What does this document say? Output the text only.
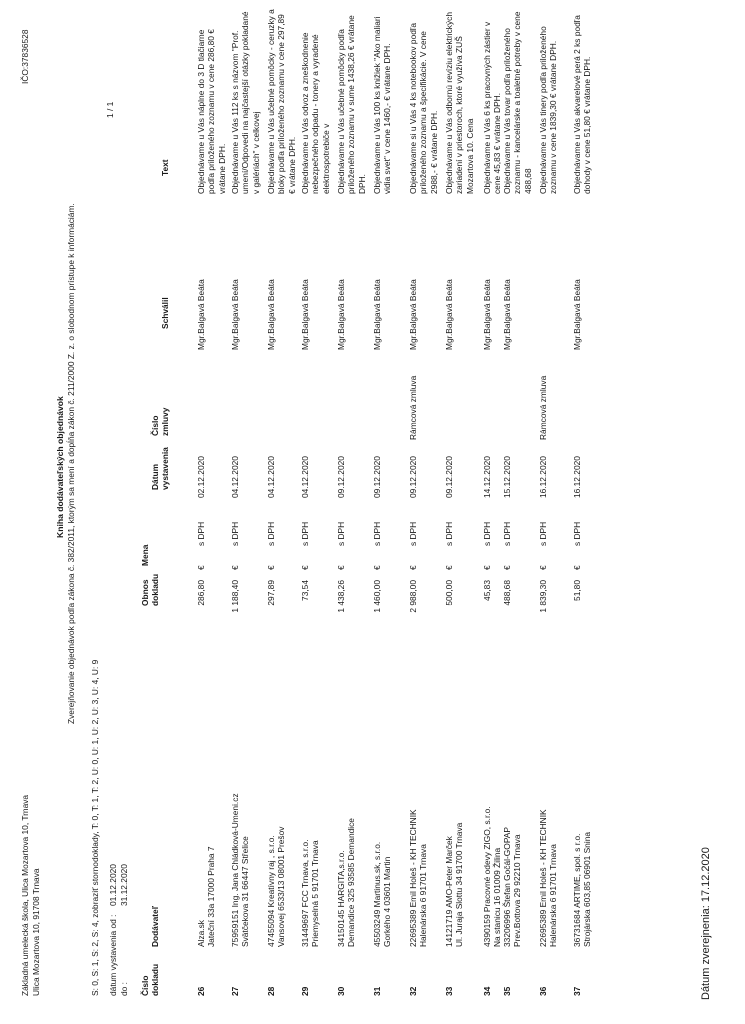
Základná umelecká škola, Ulica Mozartova 10, Trnava Ulica Mozartova 10, 91708 Trnava
IČO:37836528
1 / 1
Kniha dodávateľských objednávok Zverejňovanie objednávok podľa zákona č. 382/2011, ktorým sa mení a dopĺňa zákon č. 211/2000 Z. z. o slobodnom prístupe k informáciám.
S: 0, S: 1, S: 2, S: 4, zobraziť stornodoklady, T: 0, T: 1, T: 2, U: 0, U: 1, U: 2, U: 3, U: 4, U: 9 dátum vystavenia od :
01.12.2020
do :
31.12.2020
Číslo
dokladu
Dodávateľ
Obnos
dokladu
Mena
Dátum
vystavenia
Číslo
zmluvy
Schválil
Text
26
Alza.sk Jateční 33a 17000 Praha 7
286,80
€
s DPH
02.12.2020
Mgr.Balgavá Beáta
Objednávame u Vás náplne do 3 D tlačiarne podľa priloženého zoznamu v cene 286,80 € vrátane DPH.
27
75959151 Ing. Jana Chládková-Umeni.cz Svätčekova 31 66447 Střelice
1 188,40
€
s DPH
04.12.2020
Mgr.Balgavá Beáta
Objednávame u Vás 112 ks s názvom "Prof. umení/Odpovedi na najčastejší otázky pokladané v galériách" v celkovej
28
47455094 Kreatívny raj , s.r.o. Vansovej 6533/13 08001 Prešov
297,89
€
s DPH
04.12.2020
Mgr.Balgavá Beáta
Objednávame u Vás učebné pomôcky - ceruzky a bloky podľa priloženého zoznamu v cene 297,89 € vrátane DPH.
29
31449697 FCC Trnava, s.r.o. Priemyselná 5 91701 Trnava
73,54
€
s DPH
04.12.2020
Mgr.Balgavá Beáta
Objednávame u Vás odvoz a zneškodnenie nebezpečného odpadu - tonery a vyradené elektrospotrebiče v
30
34150145 HARGITA,s.r.o. Demandice 325 93585 Demandice
1 438,26
€
s DPH
09.12.2020
Mgr.Balgavá Beáta
Objednávame u Vás učebné pomôcky podľa priloženého zoznamu v sume 1438,26 € vrátane DPH.
31
45503249 Martinus.sk, s.r.o. Gorkého 4 03601 Martin
1 460,00
€
s DPH
09.12.2020
Mgr.Balgavá Beáta
Objednávame u Vás 100 ks knižiek "Ako maliari vidia svet" v cene 1460,- € vrátane DPH.
32
22695389 Emil Holeš - KH TECHNIK Halenárska 6 91701 Trnava
2 988,00
€
s DPH
09.12.2020
Rámcová zmluva
Mgr.Balgavá Beáta
Objednávame si u Vás 4 ks notebookov podľa priloženého zoznamu a špecifikácie. V cene 2988,- € vrátane DPH.
33
14121719 AMO-Peter Marček Ul. Juraja Slottu 34 91700 Trnava
500,00
€
s DPH
09.12.2020
Mgr.Balgavá Beáta
Objednávame u Vás odbornú revíziu elektrických zariadení v priestoroch, ktoré využíva ZUŠ Mozartova 10. Cena
34
4390159 Pracovné odevy ZIGO, s.r.o. Na stanicu 16 01009 Žilina
45,83
€
s DPH
14.12.2020
Mgr.Balgavá Beáta
Objednávame u Vás 6 ks pracovných zástier v cene 45,83 € vrátane DPH.
35
33206996 Štefan Gočál-GOPAP Prev.Bottova 29 92210 Trnava
488,68
€
s DPH
15.12.2020
Mgr.Balgavá Beáta
Objednávame u Vás tovar podľa priloženého zoznamu - kancelárske a toaletné potreby v cene 488,68
36
22695389 Emil Holeš - KH TECHNIK Halenárska 6 91701 Trnava
1 839,30
€
s DPH
16.12.2020
Rámcová zmluva
Objednávame u Vás tinery podľa priloženého zoznamu v cene 1839,30 € vrátane DPH.
37
36731684 ARTIME, spol. s r.o. Strojárska 603,85 06901 Snina
51,80
€
s DPH
16.12.2020
Mgr.Balgavá Beáta
Objednávame u Vás akvarelové perá 2 ks podľa dohody v cene 51,80 € vrátane DPH.
Dátum zverejnenia: 17.12.2020
